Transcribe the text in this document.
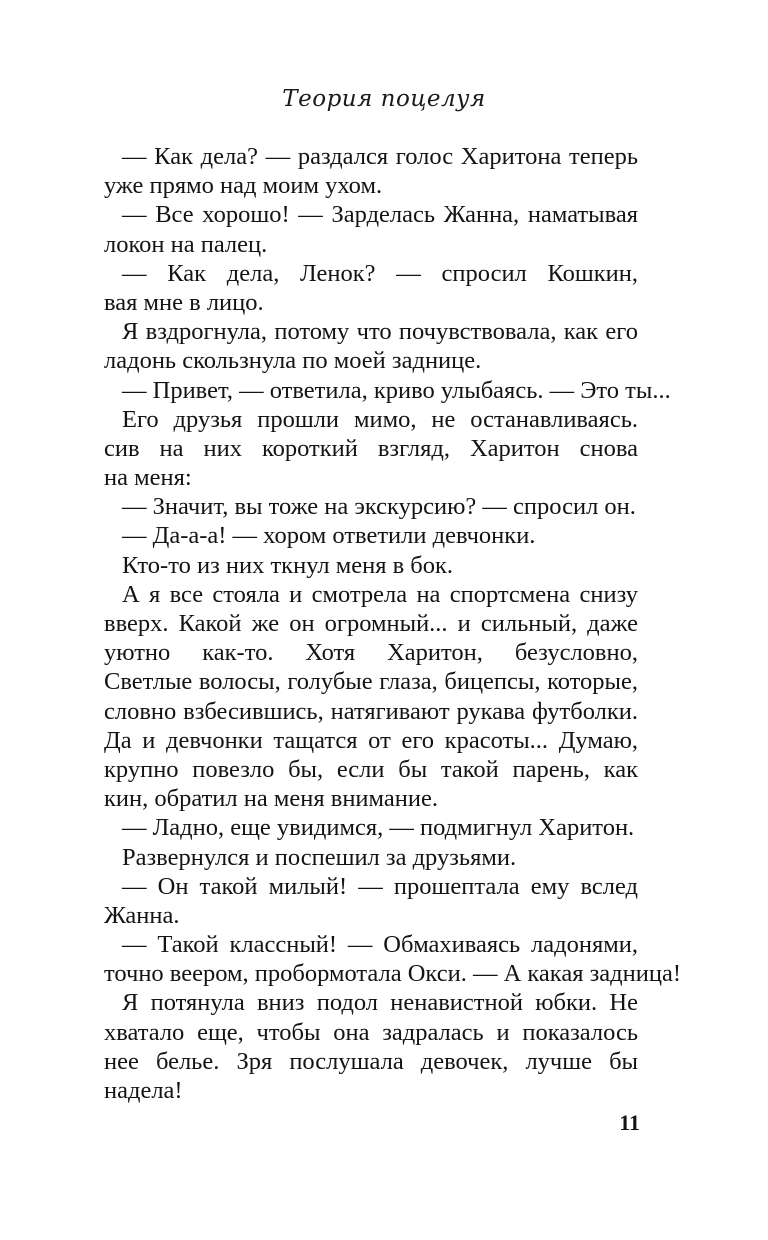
Теория поцелуя
— Как дела? — раздался голос Харитона теперь
уже прямо над моим ухом.
— Все хорошо! — Зарделась Жанна, наматывая
локон на палец.
— Как дела, Ленок? — спросил Кошкин,
вая мне в лицо.
Я вздрогнула, потому что почувствовала, как его
ладонь скользнула по моей заднице.
— Привет, — ответила, криво улыбаясь. — Это ты...
Его друзья прошли мимо, не останавливаясь.
сив на них короткий взгляд, Харитон снова
на меня:
— Значит, вы тоже на экскурсию? — спросил он.
— Да-а-а! — хором ответили девчонки.
Кто-то из них ткнул меня в бок.
А я все стояла и смотрела на спортсмена снизу
вверх. Какой же он огромный... и сильный, даже
уютно как-то. Хотя Харитон, безусловно,
Светлые волосы, голубые глаза, бицепсы, которые,
словно взбесившись, натягивают рукава футболки.
Да и девчонки тащатся от его красоты... Думаю,
крупно повезло бы, если бы такой парень, как
кин, обратил на меня внимание.
— Ладно, еще увидимся, — подмигнул Харитон.
Развернулся и поспешил за друзьями.
— Он такой милый! — прошептала ему вслед
Жанна.
— Такой классный! — Обмахиваясь ладонями,
точно веером, пробормотала Окси. — А какая задница!
Я потянула вниз подол ненавистной юбки. Не
хватало еще, чтобы она задралась и показалось
нее белье. Зря послушала девочек, лучше бы
надела!
11
